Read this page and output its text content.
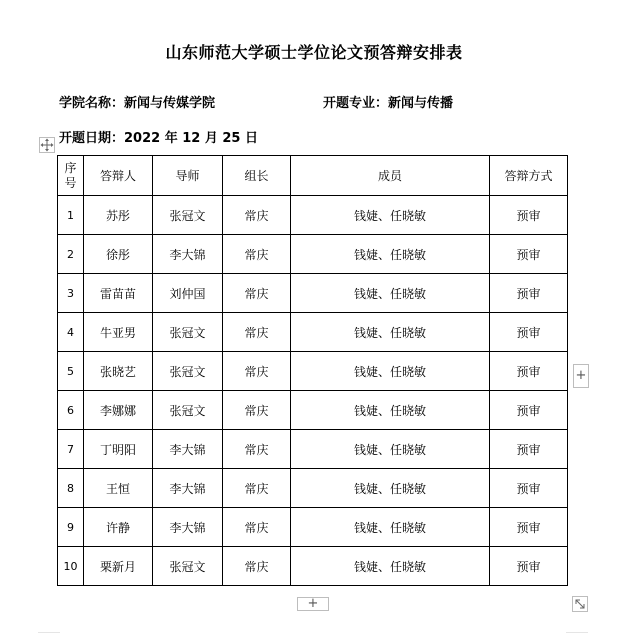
山东师范大学硕士学位论文预答辩安排表
学院名称：新闻与传媒学院	开题专业：新闻与传播
开题日期：2022 年 12 月 25 日
序号	答辩人	导师	组长	成员	答辩方式
1	苏彤	张冠文	常庆	钱婕、任晓敏	预审
2	徐彤	李大锦	常庆	钱婕、任晓敏	预审
3	雷苗苗	刘仲国	常庆	钱婕、任晓敏	预审
4	牛亚男	张冠文	常庆	钱婕、任晓敏	预审
5	张晓艺	张冠文	常庆	钱婕、任晓敏	预审
6	李娜娜	张冠文	常庆	钱婕、任晓敏	预审
7	丁明阳	李大锦	常庆	钱婕、任晓敏	预审
8	王恒	李大锦	常庆	钱婕、任晓敏	预审
9	许静	李大锦	常庆	钱婕、任晓敏	预审
10	栗新月	张冠文	常庆	钱婕、任晓敏	预审
+
+
